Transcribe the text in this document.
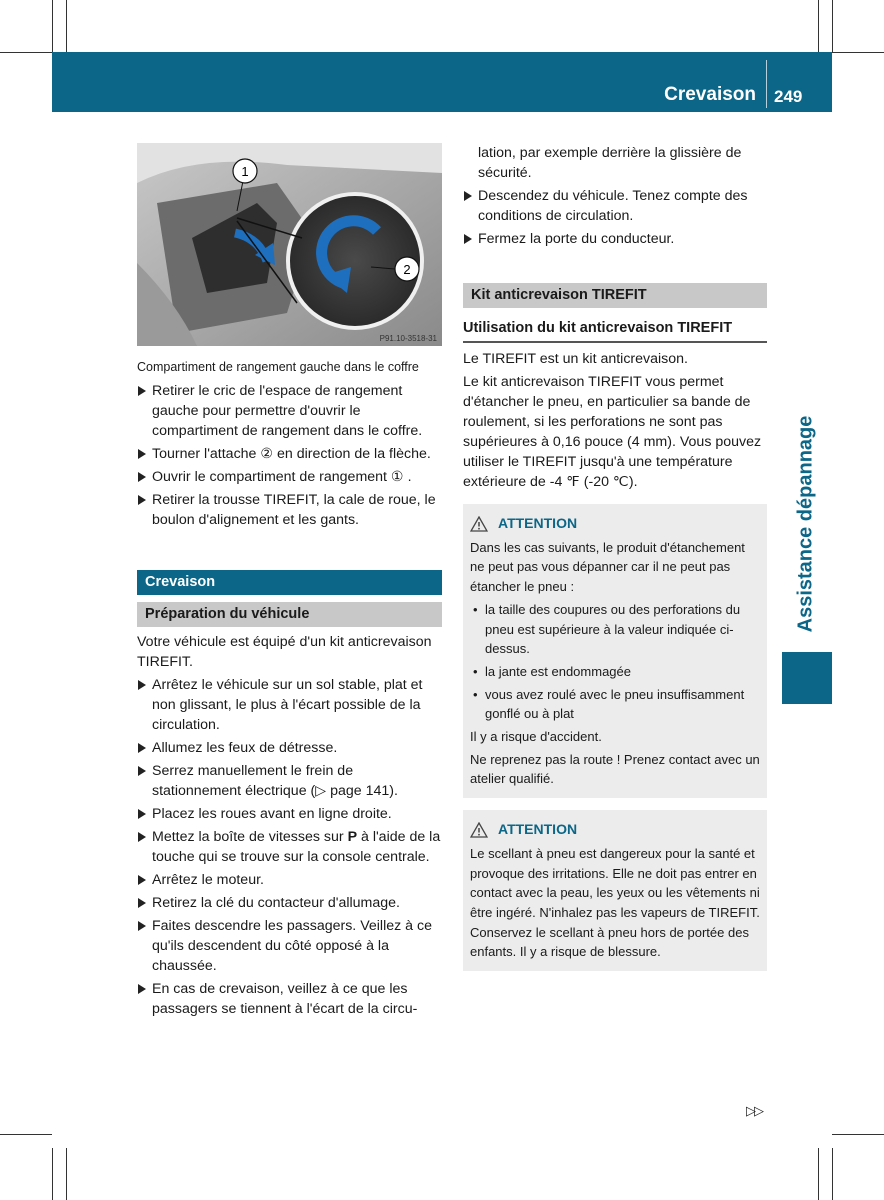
Crevaison 249
Assistance dépannage
1
2
P91.10-3518-31

Compartiment de rangement gauche dans le coffre

Retirer le cric de l'espace de rangement gauche pour permettre d'ouvrir le compartiment de rangement dans le coffre.

Tourner l'attache ② en direction de la flèche.

Ouvrir le compartiment de rangement ① .

Retirer la trousse TIREFIT, la cale de roue, le boulon d'alignement et les gants.

Crevaison
Préparation du véhicule

Votre véhicule est équipé d'un kit anticrevaison TIREFIT.

Arrêtez le véhicule sur un sol stable, plat et non glissant, le plus à l'écart possible de la circulation.

Allumez les feux de détresse.

Serrez manuellement le frein de stationnement électrique (▷ page 141).

Placez les roues avant en ligne droite.

Mettez la boîte de vitesses sur P à l'aide de la touche qui se trouve sur la console centrale.

Arrêtez le moteur.

Retirez la clé du contacteur d'allumage.

Faites descendre les passagers. Veillez à ce qu'ils descendent du côté opposé à la chaussée.

En cas de crevaison, veillez à ce que les passagers se tiennent à l'écart de la circu-

lation, par exemple derrière la glissière de sécurité.

Descendez du véhicule. Tenez compte des conditions de circulation.

Fermez la porte du conducteur.

Kit anticrevaison TIREFIT
Utilisation du kit anticrevaison TIREFIT

Le TIREFIT est un kit anticrevaison.

Le kit anticrevaison TIREFIT vous permet d'étancher le pneu, en particulier sa bande de roulement, si les perforations ne sont pas supérieures à 0,16 pouce (4 mm). Vous pouvez utiliser le TIREFIT jusqu'à une température extérieure de -4 ℉ (-20 ℃).

ATTENTION

Dans les cas suivants, le produit d'étanchement ne peut pas vous dépanner car il ne peut pas étancher le pneu :

• la taille des coupures ou des perforations du pneu est supérieure à la valeur indiquée ci-dessus.

• la jante est endommagée

• vous avez roulé avec le pneu insuffisamment gonflé ou à plat

Il y a risque d'accident.

Ne reprenez pas la route ! Prenez contact avec un atelier qualifié.

ATTENTION

Le scellant à pneu est dangereux pour la santé et provoque des irritations. Elle ne doit pas entrer en contact avec la peau, les yeux ou les vêtements ni être ingéré. N'inhalez pas les vapeurs de TIREFIT. Conservez le scellant à pneu hors de portée des enfants. Il y a risque de blessure.

▷▷
